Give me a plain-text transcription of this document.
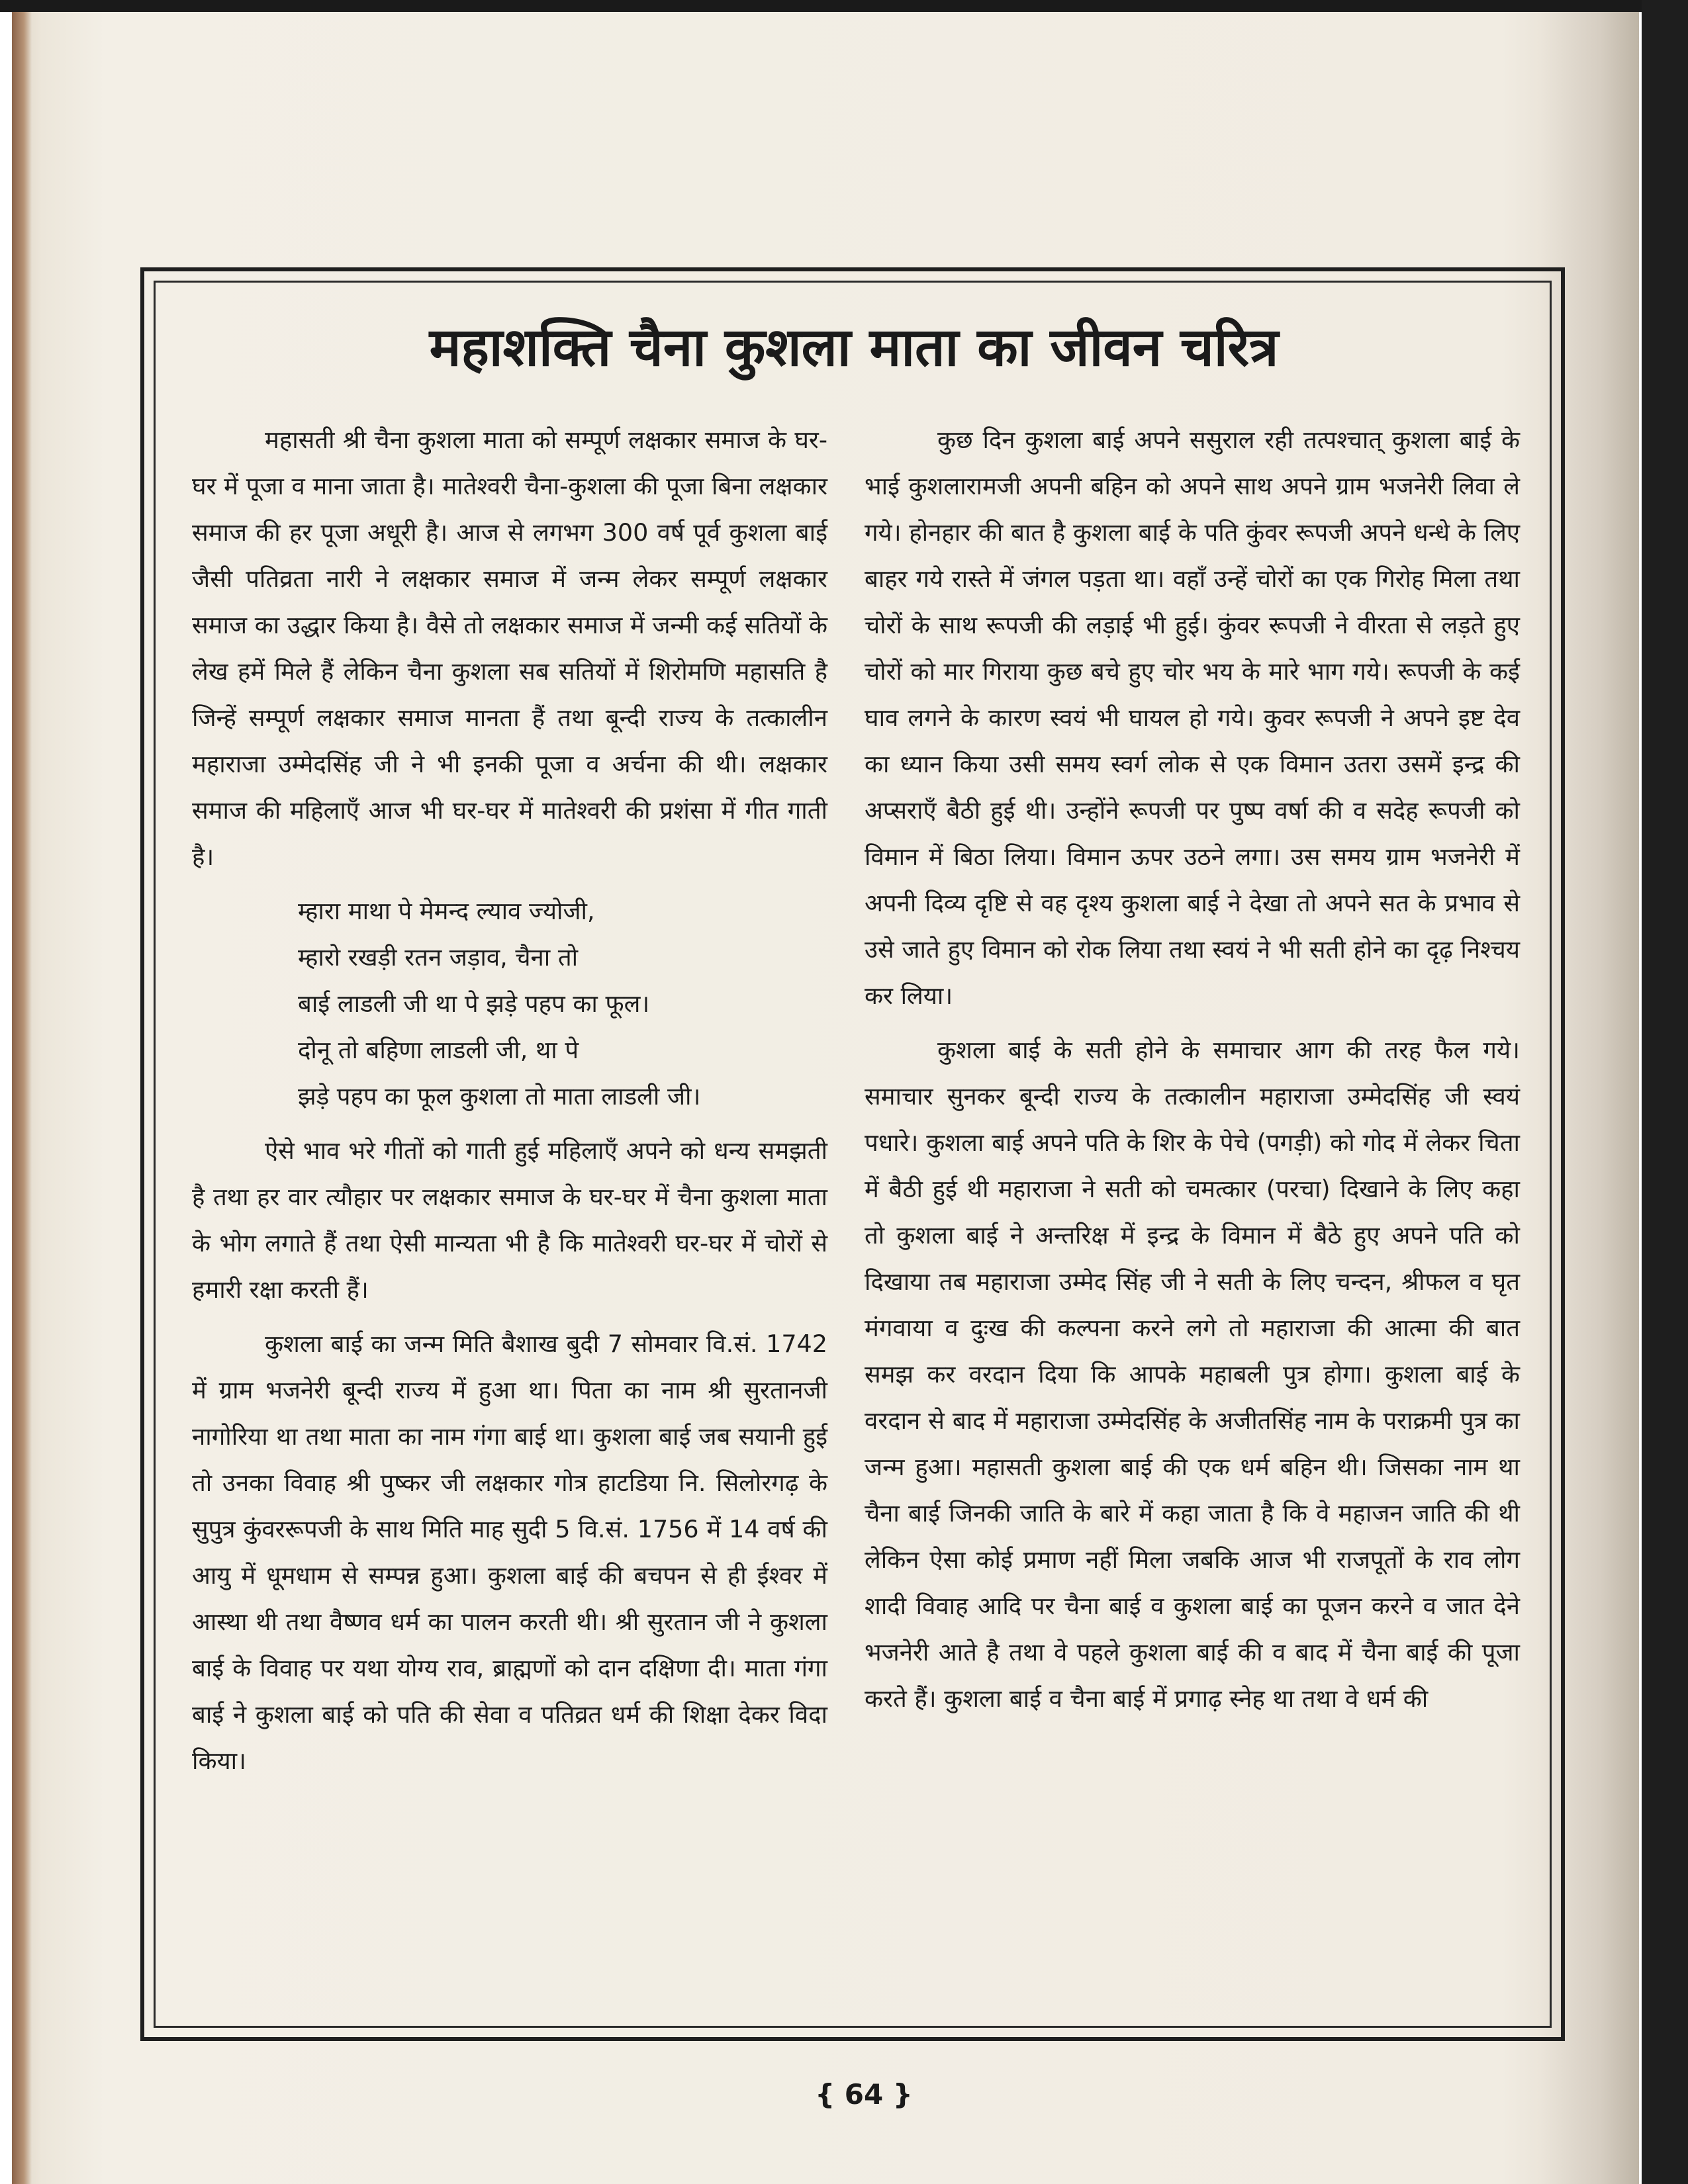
महाशक्ति चैना कुशला माता का जीवन चरित्र

महासती श्री चैना कुशला माता को सम्पूर्ण लक्षकार समाज के घर-घर में पूजा व माना जाता है। मातेश्वरी चैना-कुशला की पूजा बिना लक्षकार समाज की हर पूजा अधूरी है। आज से लगभग 300 वर्ष पूर्व कुशला बाई जैसी पतिव्रता नारी ने लक्षकार समाज में जन्म लेकर सम्पूर्ण लक्षकार समाज का उद्धार किया है। वैसे तो लक्षकार समाज में जन्मी कई सतियों के लेख हमें मिले हैं लेकिन चैना कुशला सब सतियों में शिरोमणि महासति है जिन्हें सम्पूर्ण लक्षकार समाज मानता हैं तथा बून्दी राज्य के तत्कालीन महाराजा उम्मेदसिंह जी ने भी इनकी पूजा व अर्चना की थी। लक्षकार समाज की महिलाएँ आज भी घर-घर में मातेश्वरी की प्रशंसा में गीत गाती है।

म्हारा माथा पे मेमन्द ल्याव ज्योजी,

म्हारो रखड़ी रतन जड़ाव, चैना तो

बाई लाडली जी था पे झड़े पहप का फूल।

दोनू तो बहिणा लाडली जी, था पे

झड़े पहप का फूल कुशला तो माता लाडली जी।

ऐसे भाव भरे गीतों को गाती हुई महिलाएँ अपने को धन्य समझती है तथा हर वार त्यौहार पर लक्षकार समाज के घर-घर में चैना कुशला माता के भोग लगाते हैं तथा ऐसी मान्यता भी है कि मातेश्वरी घर-घर में चोरों से हमारी रक्षा करती हैं।

कुशला बाई का जन्म मिति बैशाख बुदी 7 सोमवार वि.सं. 1742 में ग्राम भजनेरी बून्दी राज्य में हुआ था। पिता का नाम श्री सुरतानजी नागोरिया था तथा माता का नाम गंगा बाई था। कुशला बाई जब सयानी हुई तो उनका विवाह श्री पुष्कर जी लक्षकार गोत्र हाटडिया नि. सिलोरगढ़ के सुपुत्र कुंवररूपजी के साथ मिति माह सुदी 5 वि.सं. 1756 में 14 वर्ष की आयु में धूमधाम से सम्पन्न हुआ। कुशला बाई की बचपन से ही ईश्वर में आस्था थी तथा वैष्णव धर्म का पालन करती थी। श्री सुरतान जी ने कुशला बाई के विवाह पर यथा योग्य राव, ब्राह्मणों को दान दक्षिणा दी। माता गंगा बाई ने कुशला बाई को पति की सेवा व पतिव्रत धर्म की शिक्षा देकर विदा किया।

कुछ दिन कुशला बाई अपने ससुराल रही तत्पश्चात् कुशला बाई के भाई कुशलारामजी अपनी बहिन को अपने साथ अपने ग्राम भजनेरी लिवा ले गये। होनहार की बात है कुशला बाई के पति कुंवर रूपजी अपने धन्धे के लिए बाहर गये रास्ते में जंगल पड़ता था। वहाँ उन्हें चोरों का एक गिरोह मिला तथा चोरों के साथ रूपजी की लड़ाई भी हुई। कुंवर रूपजी ने वीरता से लड़ते हुए चोरों को मार गिराया कुछ बचे हुए चोर भय के मारे भाग गये। रूपजी के कई घाव लगने के कारण स्वयं भी घायल हो गये। कुवर रूपजी ने अपने इष्ट देव का ध्यान किया उसी समय स्वर्ग लोक से एक विमान उतरा उसमें इन्द्र की अप्सराएँ बैठी हुई थी। उन्होंने रूपजी पर पुष्प वर्षा की व सदेह रूपजी को विमान में बिठा लिया। विमान ऊपर उठने लगा। उस समय ग्राम भजनेरी में अपनी दिव्य दृष्टि से वह दृश्य कुशला बाई ने देखा तो अपने सत के प्रभाव से उसे जाते हुए विमान को रोक लिया तथा स्वयं ने भी सती होने का दृढ़ निश्चय कर लिया।

कुशला बाई के सती होने के समाचार आग की तरह फैल गये। समाचार सुनकर बून्दी राज्य के तत्कालीन महाराजा उम्मेदसिंह जी स्वयं पधारे। कुशला बाई अपने पति के शिर के पेचे (पगड़ी) को गोद में लेकर चिता में बैठी हुई थी महाराजा ने सती को चमत्कार (परचा) दिखाने के लिए कहा तो कुशला बाई ने अन्तरिक्ष में इन्द्र के विमान में बैठे हुए अपने पति को दिखाया तब महाराजा उम्मेद सिंह जी ने सती के लिए चन्दन, श्रीफल व घृत मंगवाया व दुःख की कल्पना करने लगे तो महाराजा की आत्मा की बात समझ कर वरदान दिया कि आपके महाबली पुत्र होगा। कुशला बाई के वरदान से बाद में महाराजा उम्मेदसिंह के अजीतसिंह नाम के पराक्रमी पुत्र का जन्म हुआ। महासती कुशला बाई की एक धर्म बहिन थी। जिसका नाम था चैना बाई जिनकी जाति के बारे में कहा जाता है कि वे महाजन जाति की थी लेकिन ऐसा कोई प्रमाण नहीं मिला जबकि आज भी राजपूतों के राव लोग शादी विवाह आदि पर चैना बाई व कुशला बाई का पूजन करने व जात देने भजनेरी आते है तथा वे पहले कुशला बाई की व बाद में चैना बाई की पूजा करते हैं। कुशला बाई व चैना बाई में प्रगाढ़ स्नेह था तथा वे धर्म की

{ 64 }
